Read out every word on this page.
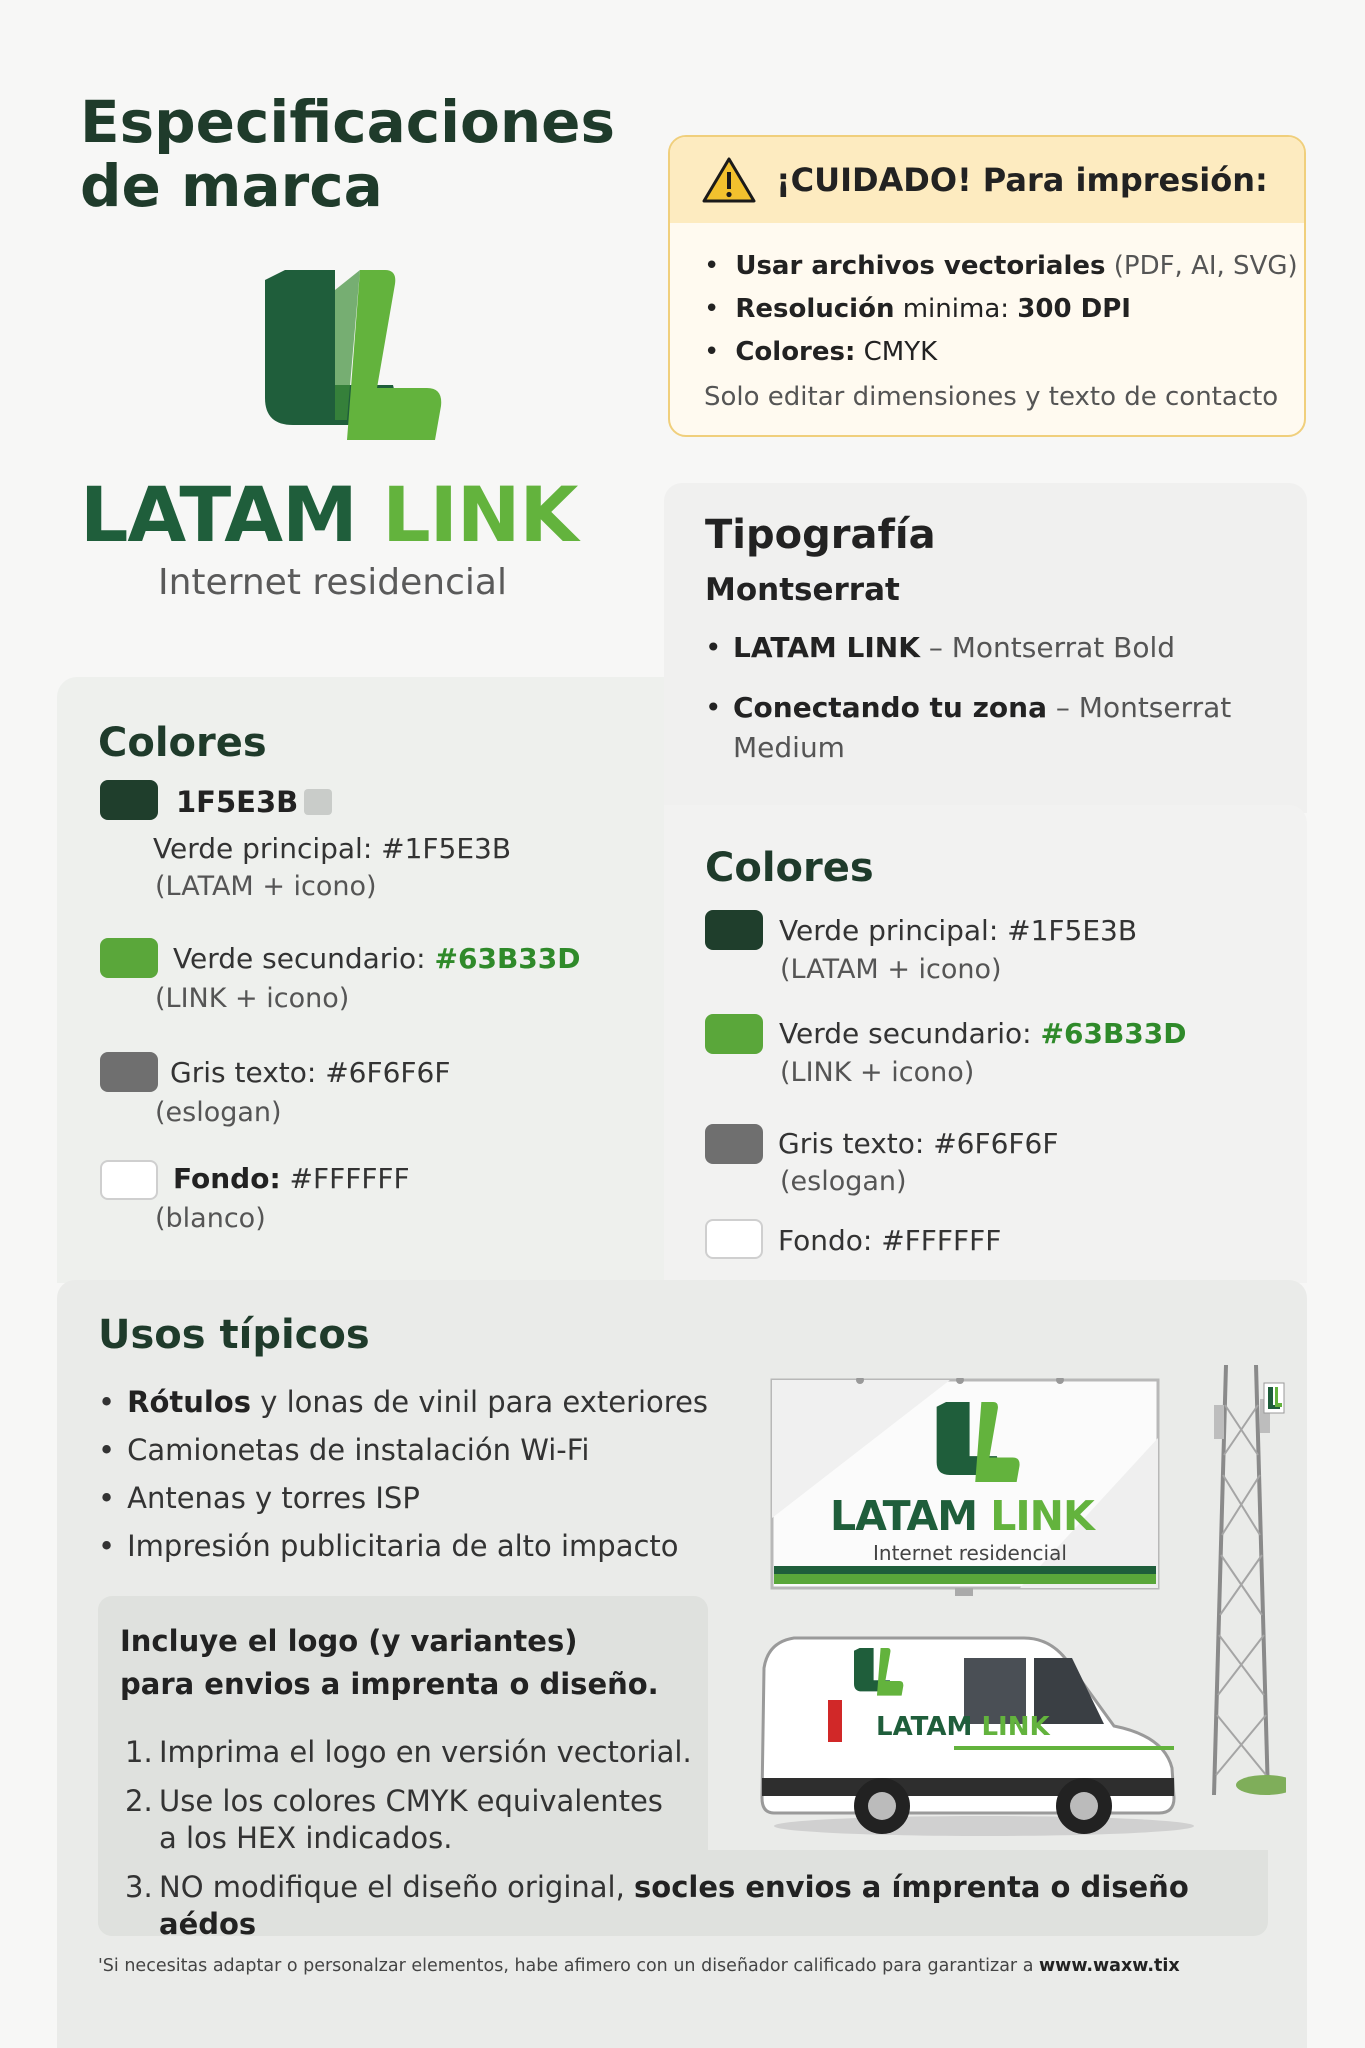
Especificaciones
de marca
LATAM LINK
Internet residencial
¡CUIDADO! Para impresión:
• Usar archivos vectoriales (PDF, AI, SVG)
• Resolución minima: 300 DPI
• Colores: CMYK
Solo editar dimensiones y texto de contacto
Tipografía
Montserrat
• LATAM LINK – Montserrat Bold
• Conectando tu zona – Montserrat Medium
Colores
1F5E3B
Verde principal: #1F5E3B
(LATAM + icono)
Verde secundario: #63B33D
(LINK + icono)
Gris texto: #6F6F6F
(eslogan)
Fondo: #FFFFFF
(blanco)
Colores
Verde principal: #1F5E3B
(LATAM + icono)
Verde secundario: #63B33D
(LINK + icono)
Gris texto: #6F6F6F
(eslogan)
Fondo: #FFFFFF
Usos típicos
• Rótulos y lonas de vinil para exteriores
• Camionetas de instalación Wi-Fi
• Antenas y torres ISP
• Impresión publicitaria de alto impacto
Incluye el logo (y variantes)
para envios a imprenta o diseño.
1. Imprima el logo en versión vectorial.
2. Use los colores CMYK equivalentes a los HEX indicados.
3. NO modifique el diseño original, socles envios a ímprenta o diseño aédos
'Si necesitas adaptar o personalzar elementos, habe afimero con un diseñador calificado para garantizar a www.waxw.tix
LATAM LINK
Internet residencial
LATAM LINK
